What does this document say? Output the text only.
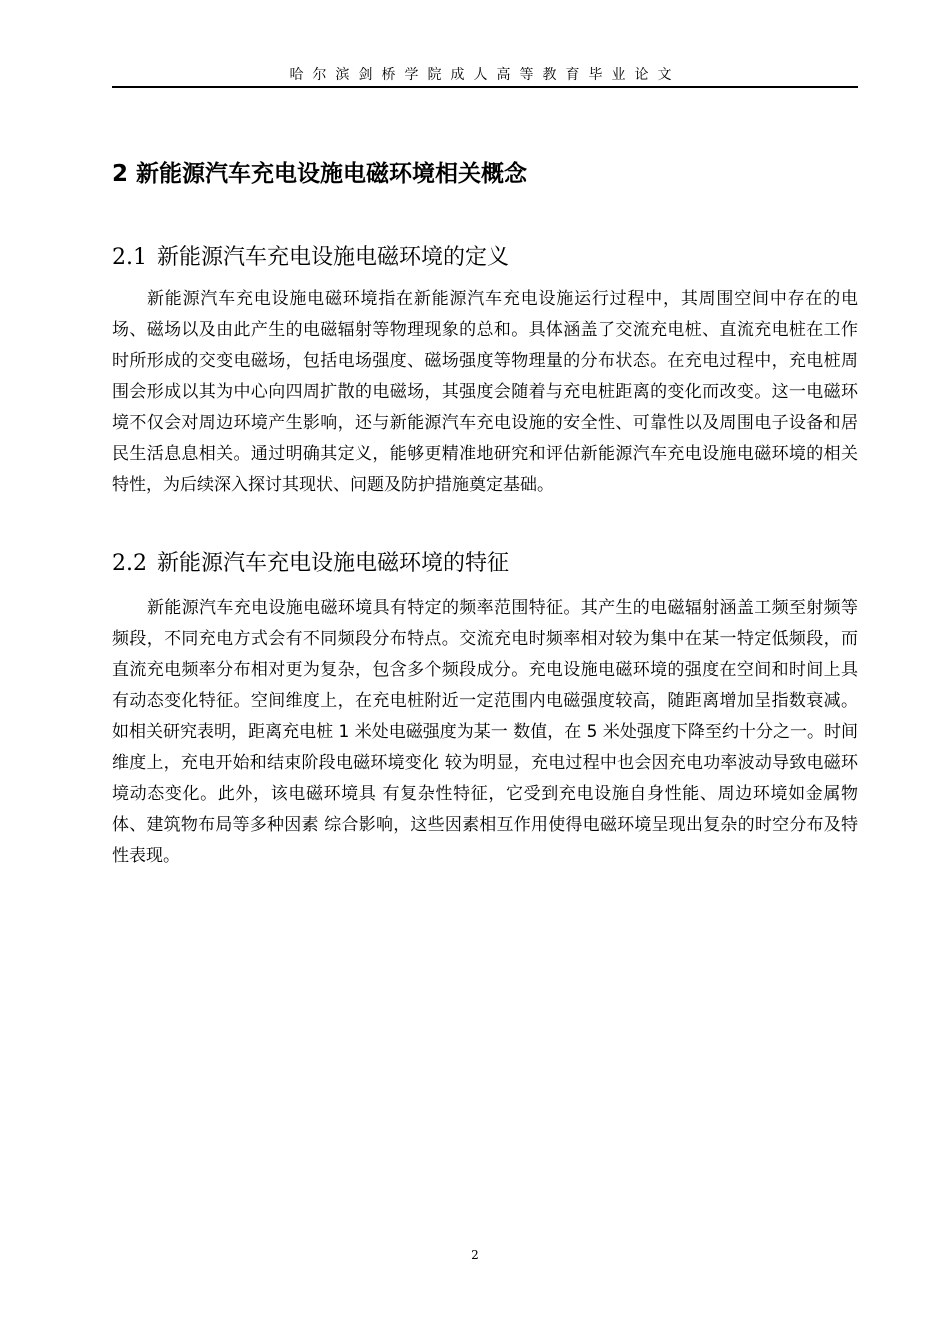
哈尔滨剑桥学院成人高等教育毕业论文
2 新能源汽车充电设施电磁环境相关概念
2.1 新能源汽车充电设施电磁环境的定义

新能源汽车充电设施电磁环境指在新能源汽车充电设施运行过程中，其周围空间中存在的电场、磁场以及由此产生的电磁辐射等物理现象的总和。具体涵盖了交流充电桩、直流充电桩在工作时所形成的交变电磁场，包括电场强度、磁场强度等物理量的分布状态。在充电过程中，充电桩周围会形成以其为中心向四周扩散的电磁场，其强度会随着与充电桩距离的变化而改变。这一电磁环境不仅会对周边环境产生影响，还与新能源汽车充电设施的安全性、可靠性以及周围电子设备和居民生活息息相关。通过明确其定义，能够更精准地研究和评估新能源汽车充电设施电磁环境的相关特性，为后续深入探讨其现状、问题及防护措施奠定基础。

2.2 新能源汽车充电设施电磁环境的特征

新能源汽车充电设施电磁环境具有特定的频率范围特征。其产生的电磁辐射涵盖工频至射频等频段，不同充电方式会有不同频段分布特点。交流充电时频率相对较为集中在某一特定低频段，而直流充电频率分布相对更为复杂，包含多个频段成分。充电设施电磁环境的强度在空间和时间上具有动态变化特征。空间维度上，在充电桩附近一定范围内电磁强度较高，随距离增加呈指数衰减。如相关研究表明，距离充电桩 1 米处电磁强度为某一 数值，在 5 米处强度下降至约十分之一。时间维度上，充电开始和结束阶段电磁环境变化 较为明显，充电过程中也会因充电功率波动导致电磁环境动态变化。此外，该电磁环境具 有复杂性特征，它受到充电设施自身性能、周边环境如金属物体、建筑物布局等多种因素 综合影响，这些因素相互作用使得电磁环境呈现出复杂的时空分布及特性表现。

2
